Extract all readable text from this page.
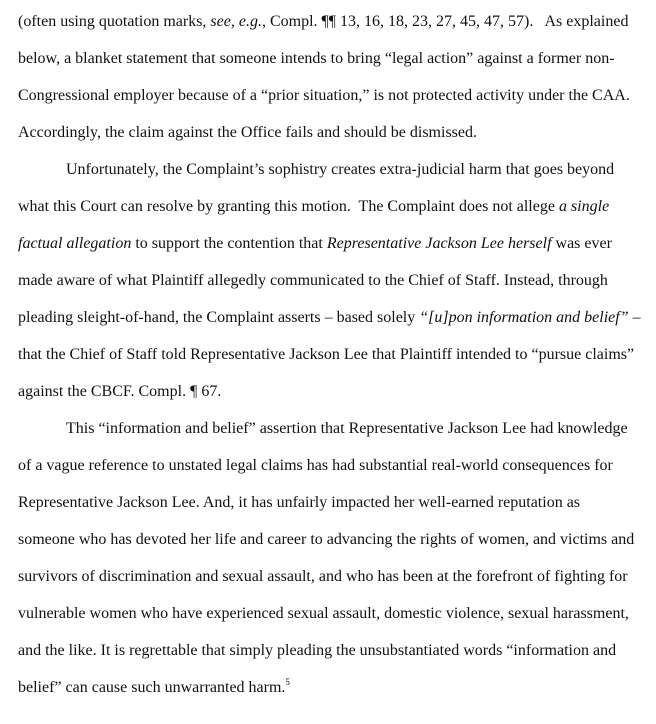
(often using quotation marks, see, e.g., Compl. ¶¶ 13, 16, 18, 23, 27, 45, 47, 57).   As explained
below, a blanket statement that someone intends to bring “legal action” against a former non-
Congressional employer because of a “prior situation,” is not protected activity under the CAA.
Accordingly, the claim against the Office fails and should be dismissed.
Unfortunately, the Complaint’s sophistry creates extra-judicial harm that goes beyond
what this Court can resolve by granting this motion.  The Complaint does not allege a single
factual allegation to support the contention that Representative Jackson Lee herself was ever
made aware of what Plaintiff allegedly communicated to the Chief of Staff. Instead, through
pleading sleight-of-hand, the Complaint asserts – based solely “[u]pon information and belief” –
that the Chief of Staff told Representative Jackson Lee that Plaintiff intended to “pursue claims”
against the CBCF. Compl. ¶ 67.
This “information and belief” assertion that Representative Jackson Lee had knowledge
of a vague reference to unstated legal claims has had substantial real-world consequences for
Representative Jackson Lee. And, it has unfairly impacted her well-earned reputation as
someone who has devoted her life and career to advancing the rights of women, and victims and
survivors of discrimination and sexual assault, and who has been at the forefront of fighting for
vulnerable women who have experienced sexual assault, domestic violence, sexual harassment,
and the like. It is regrettable that simply pleading the unsubstantiated words “information and
belief” can cause such unwarranted harm.$^5$
